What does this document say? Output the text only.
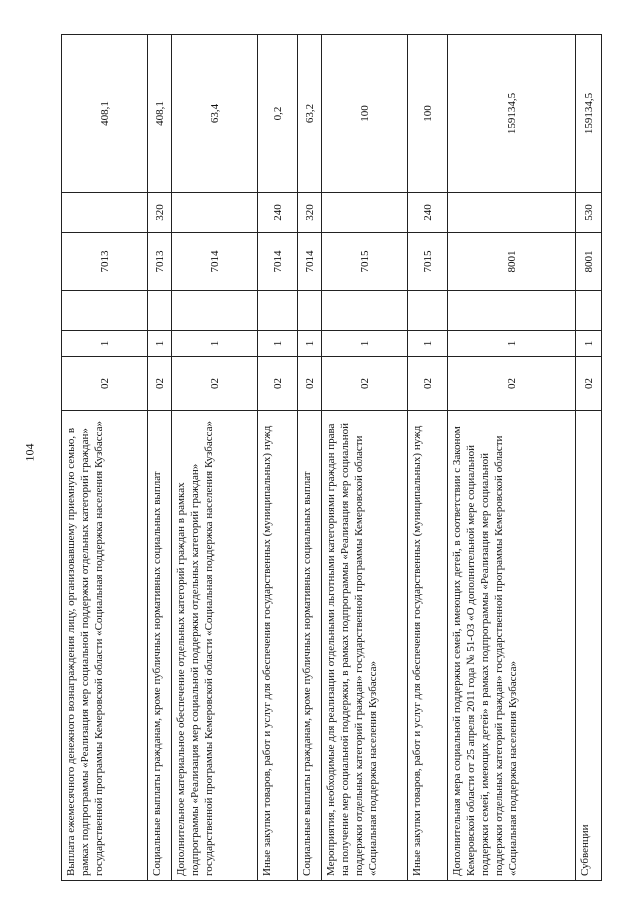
104	Выплата ежемесячного денежного вознаграждения лицу, организовавшему приемную семью, в рамках подпрограммы «Реализация мер социальной поддержки отдельных категорий граждан» государственной программы Кемеровской области «Социальная поддержка населения Кузбасса»	02	1		7013		408,1
Социальные выплаты гражданам, кроме публичных нормативных социальных выплат	02	1		7013	320	408,1
Дополнительное материальное обеспечение отдельных категорий граждан в рамках подпрограммы «Реализация мер социальной поддержки отдельных категорий граждан» государственной программы Кемеровской области «Социальная поддержка населения Кузбасса»	02	1		7014		63,4
Иные закупки товаров, работ и услуг для обеспечения государственных (муниципальных) нужд	02	1		7014	240	0,2
Социальные выплаты гражданам, кроме публичных нормативных социальных выплат	02	1		7014	320	63,2
Мероприятия, необходимые для реализации отдельными льготными категориями граждан права на получение мер социальной поддержки, в рамках подпрограммы «Реализация мер социальной поддержки отдельных категорий граждан» государственной программы Кемеровской области «Социальная поддержка населения Кузбасса»	02	1		7015		100
Иные закупки товаров, работ и услуг для обеспечения государственных (муниципальных) нужд	02	1		7015	240	100
Дополнительная мера социальной поддержки семей, имеющих детей, в соответствии с Законом Кемеровской области от 25 апреля 2011 года № 51-ОЗ «О дополнительной мере социальной поддержки семей, имеющих детей» в рамках подпрограммы «Реализация мер социальной поддержки отдельных категорий граждан» государственной программы Кемеровской области «Социальная поддержка населения Кузбасса»	02	1		8001		159134,5
Субвенции	02	1		8001	530	159134,5
